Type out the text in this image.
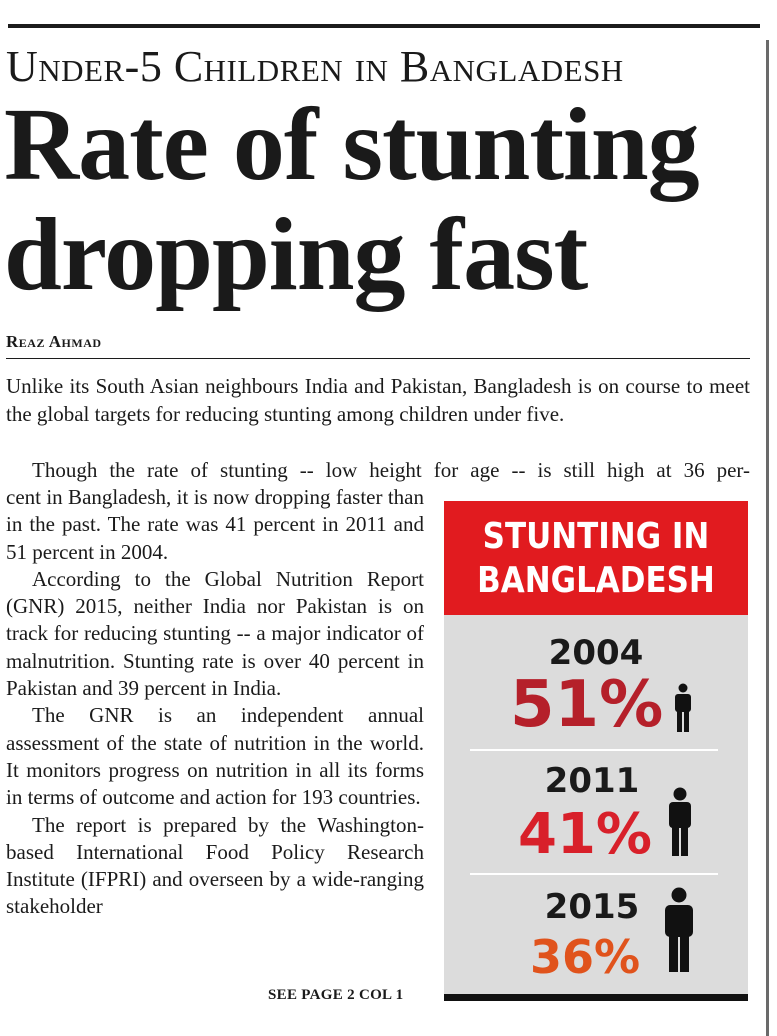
Under-5 Children in Bangladesh
Rate of stunting
dropping fast
Reaz Ahmad

Unlike its South Asian neighbours India and Pakistan, Bangladesh is on course to meet the global targets for reducing stunting among children under five.

Though the rate of stunting -- low height for age -- is still high at 36 per-

cent in Bangladesh, it is now dropping faster than in the past. The rate was 41 percent in 2011 and 51 percent in 2004.

According to the Global Nutrition Report (GNR) 2015, neither India nor Pakistan is on track for reducing stunting -- a major indicator of malnutrition. Stunting rate is over 40 percent in Pakistan and 39 percent in India.

The GNR is an independent annual assessment of the state of nutrition in the world. It monitors progress on nutrition in all its forms in terms of outcome and action for 193 countries.

The report is prepared by the Washington-based International Food Policy Research Institute (IFPRI) and overseen by a wide-ranging stakeholder

SEE PAGE 2 COL 1
STUNTING IN
BANGLADESH
2004
51%
2011
41%
2015
36%
